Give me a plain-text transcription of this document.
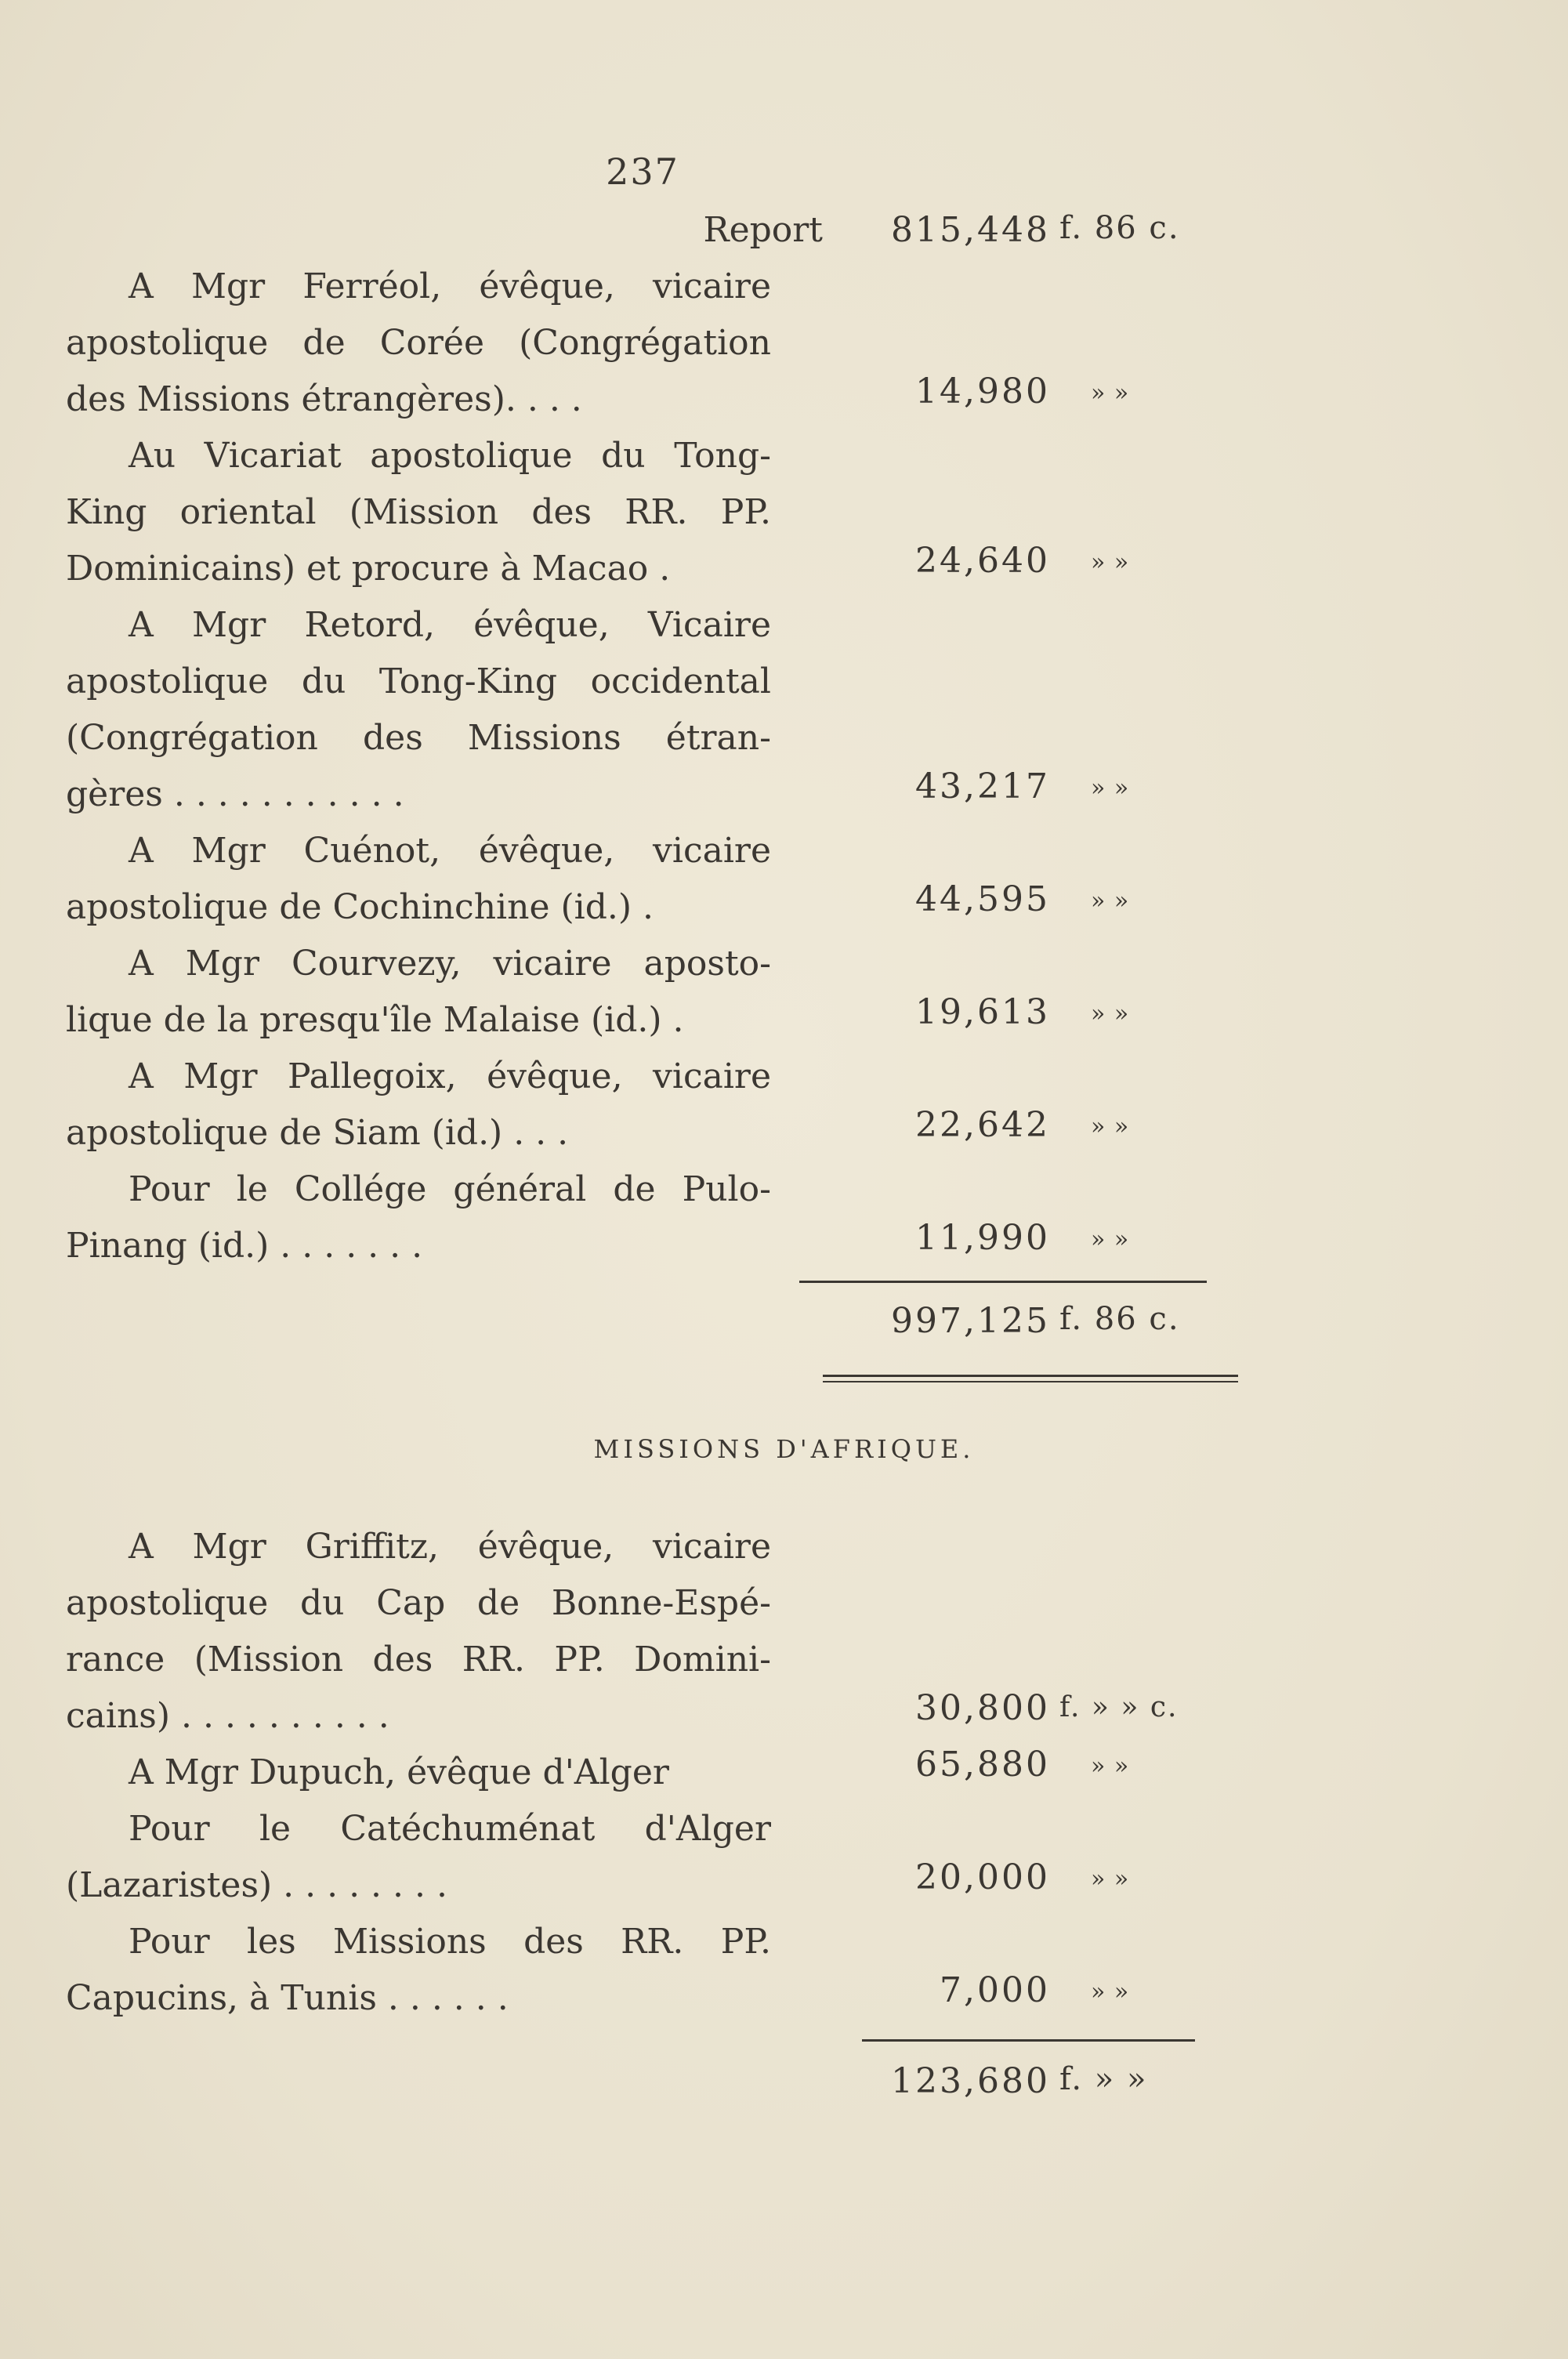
237
Report	815,448 f. 86 c.
A Mgr Ferréol, évêque, vicaire
apostolique de Corée (Congrégation
des Missions étrangères). . . .	14,980 » »
Au Vicariat apostolique du Tong-
King oriental (Mission des RR. PP.
Dominicains) et procure à Macao .	24,640 » »
A Mgr Retord, évêque, Vicaire
apostolique du Tong-King occidental
(Congrégation des Missions étran-
gères . . . . . . . . . . .	43,217 » »
A Mgr Cuénot, évêque, vicaire
apostolique de Cochinchine (id.) .	44,595 » »
A Mgr Courvezy, vicaire aposto-
lique de la presqu'île Malaise (id.) .	19,613 » »
A Mgr Pallegoix, évêque, vicaire
apostolique de Siam (id.) . . .	22,642 » »
Pour le Collége général de Pulo-
Pinang (id.) . . . . . . .	11,990 » »
997,125 f. 86 c.
MISSIONS D'AFRIQUE.
A Mgr Griffitz, évêque, vicaire
apostolique du Cap de Bonne-Espé-
rance (Mission des RR. PP. Domini-
cains) . . . . . . . . . .	30,800 f. » » c.
A Mgr Dupuch, évêque d'Alger	65,880 » »
Pour le Catéchuménat d'Alger
(Lazaristes) . . . . . . . .	20,000 » »
Pour les Missions des RR. PP.
Capucins, à Tunis . . . . . .	7,000 » »
123,680 f. » »
